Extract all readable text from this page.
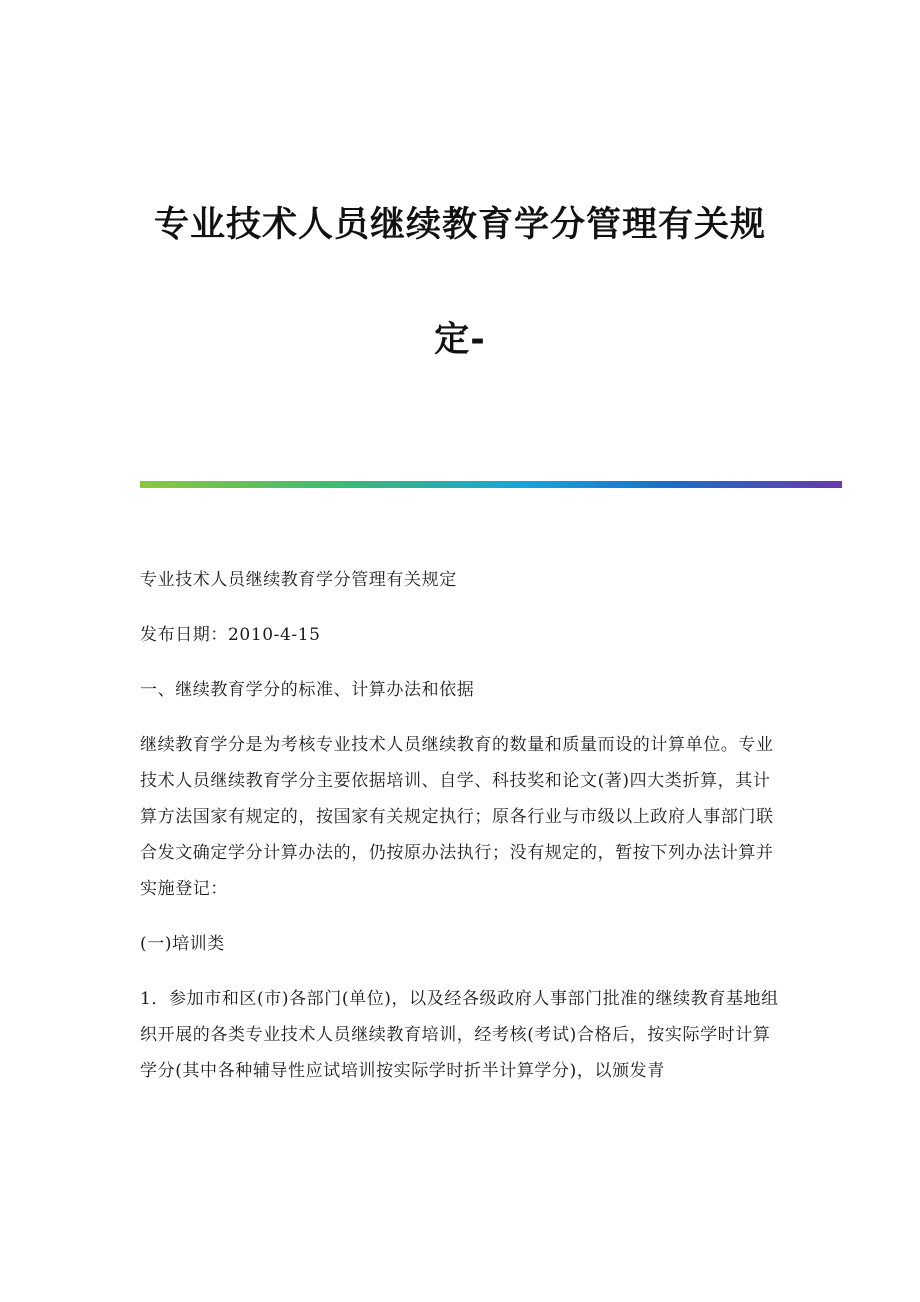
专业技术人员继续教育学分管理有关规

定-

专业技术人员继续教育学分管理有关规定

发布日期：2010-4-15

一、继续教育学分的标准、计算办法和依据

继续教育学分是为考核专业技术人员继续教育的数量和质量而设的计算单位。专业技术人员继续教育学分主要依据培训、自学、科技奖和论文(著)四大类折算，其计算方法国家有规定的，按国家有关规定执行；原各行业与市级以上政府人事部门联合发文确定学分计算办法的，仍按原办法执行；没有规定的，暂按下列办法计算并实施登记：

(一)培训类

1．参加市和区(市)各部门(单位)，以及经各级政府人事部门批准的继续教育基地组织开展的各类专业技术人员继续教育培训，经考核(考试)合格后，按实际学时计算学分(其中各种辅导性应试培训按实际学时折半计算学分)，以颁发青
